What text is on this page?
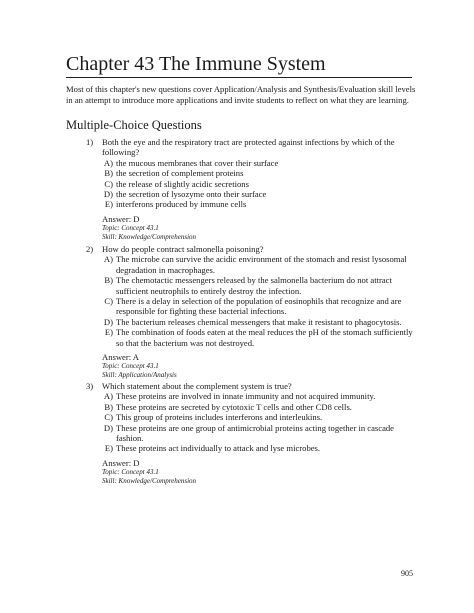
Chapter 43 The Immune System
Most of this chapter's new questions cover Application/Analysis and Synthesis/Evaluation skill levels in an attempt to introduce more applications and invite students to reflect on what they are learning.
Multiple-Choice Questions
1)	Both the eye and the respiratory tract are protected against infections by which of the following?
A) the mucous membranes that cover their surface
B) the secretion of complement proteins
C) the release of slightly acidic secretions
D) the secretion of lysozyme onto their surface
E) interferons produced by immune cells
Answer: D
Topic: Concept 43.1
Skill: Knowledge/Comprehension
2)	How do people contract salmonella poisoning?
A) The microbe can survive the acidic environment of the stomach and resist lysosomal degradation in macrophages.
B) The chemotactic messengers released by the salmonella bacterium do not attract sufficient neutrophils to entirely destroy the infection.
C) There is a delay in selection of the population of eosinophils that recognize and are responsible for fighting these bacterial infections.
D) The bacterium releases chemical messengers that make it resistant to phagocytosis.
E) The combination of foods eaten at the meal reduces the pH of the stomach sufficiently so that the bacterium was not destroyed.
Answer: A
Topic: Concept 43.1
Skill: Application/Analysis
3)	Which statement about the complement system is true?
A) These proteins are involved in innate immunity and not acquired immunity.
B) These proteins are secreted by cytotoxic T cells and other CD8 cells.
C) This group of proteins includes interferons and interleukins.
D) These proteins are one group of antimicrobial proteins acting together in cascade fashion.
E) These proteins act individually to attack and lyse microbes.
Answer: D
Topic: Concept 43.1
Skill: Knowledge/Comprehension
905
